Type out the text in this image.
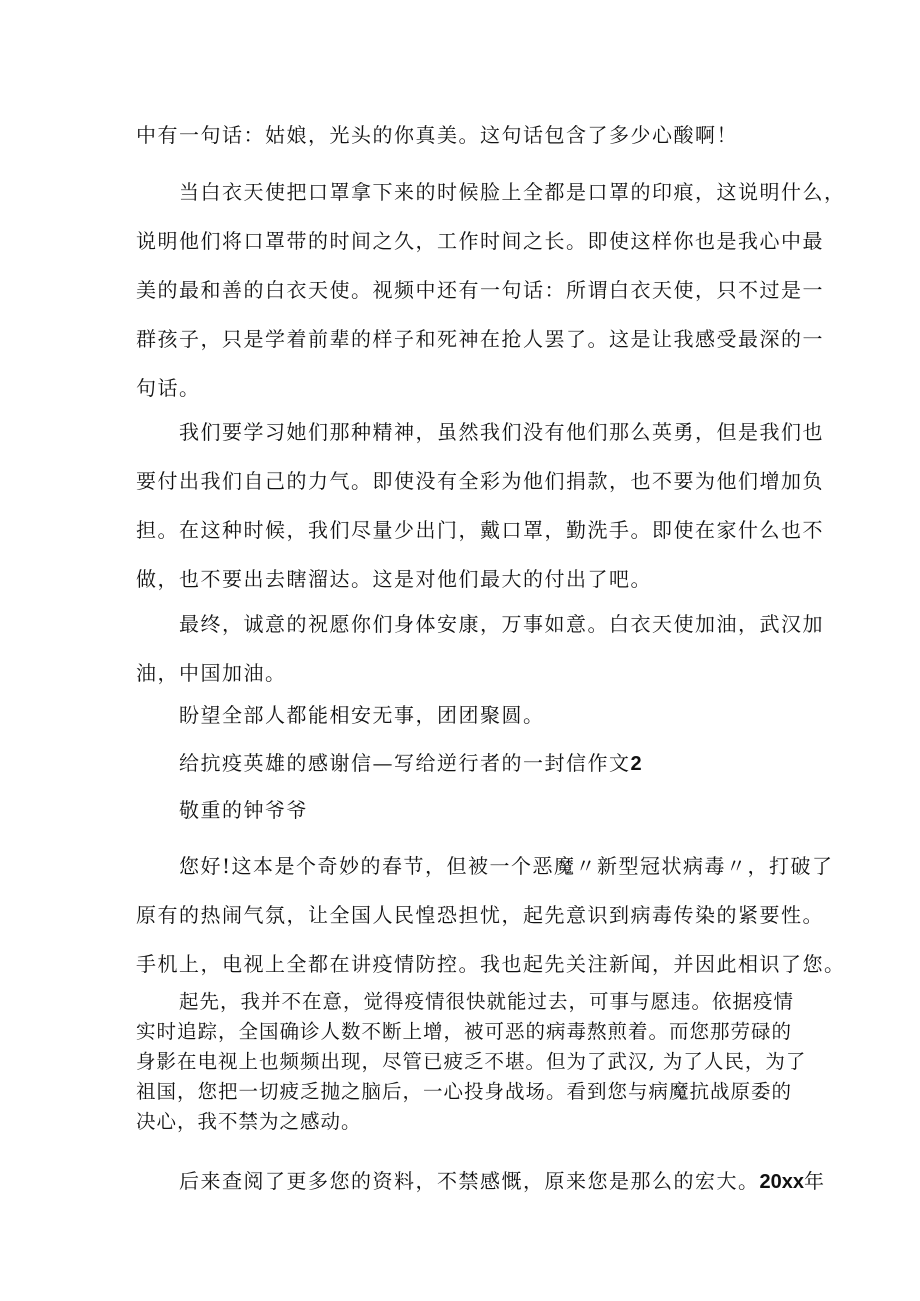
中有一句话：姑娘，光头的你真美。这句话包含了多少心酸啊！

当白衣天使把口罩拿下来的时候脸上全都是口罩的印痕，这说明什么，
说明他们将口罩带的时间之久，工作时间之长。即使这样你也是我心中最
美的最和善的白衣天使。视频中还有一句话：所谓白衣天使，只不过是一
群孩子，只是学着前辈的样子和死神在抢人罢了。这是让我感受最深的一
句话。

我们要学习她们那种精神，虽然我们没有他们那么英勇，但是我们也
要付出我们自己的力气。即使没有全彩为他们捐款，也不要为他们增加负
担。在这种时候，我们尽量少出门，戴口罩，勤洗手。即使在家什么也不
做，也不要出去瞎溜达。这是对他们最大的付出了吧。

最终，诚意的祝愿你们身体安康，万事如意。白衣天使加油，武汉加
油，中国加油。

盼望全部人都能相安无事，团团聚圆。

给抗疫英雄的感谢信—写给逆行者的一封信作文2

敬重的钟爷爷

您好!这本是个奇妙的春节，但被一个恶魔〃新型冠状病毒〃，打破了
原有的热闹气氛，让全国人民惶恐担忧，起先意识到病毒传染的紧要性。
手机上，电视上全都在讲疫情防控。我也起先关注新闻，并因此相识了您。

起先，我并不在意，觉得疫情很快就能过去，可事与愿违。依据疫情
实时追踪，全国确诊人数不断上增，被可恶的病毒熬煎着。而您那劳碌的
身影在电视上也频频出现，尽管已疲乏不堪。但为了武汉, 为了人民，为了
祖国，您把一切疲乏抛之脑后，一心投身战场。看到您与病魔抗战原委的
决心，我不禁为之感动。

后来查阅了更多您的资料，不禁感慨，原来您是那么的宏大。20xx年
